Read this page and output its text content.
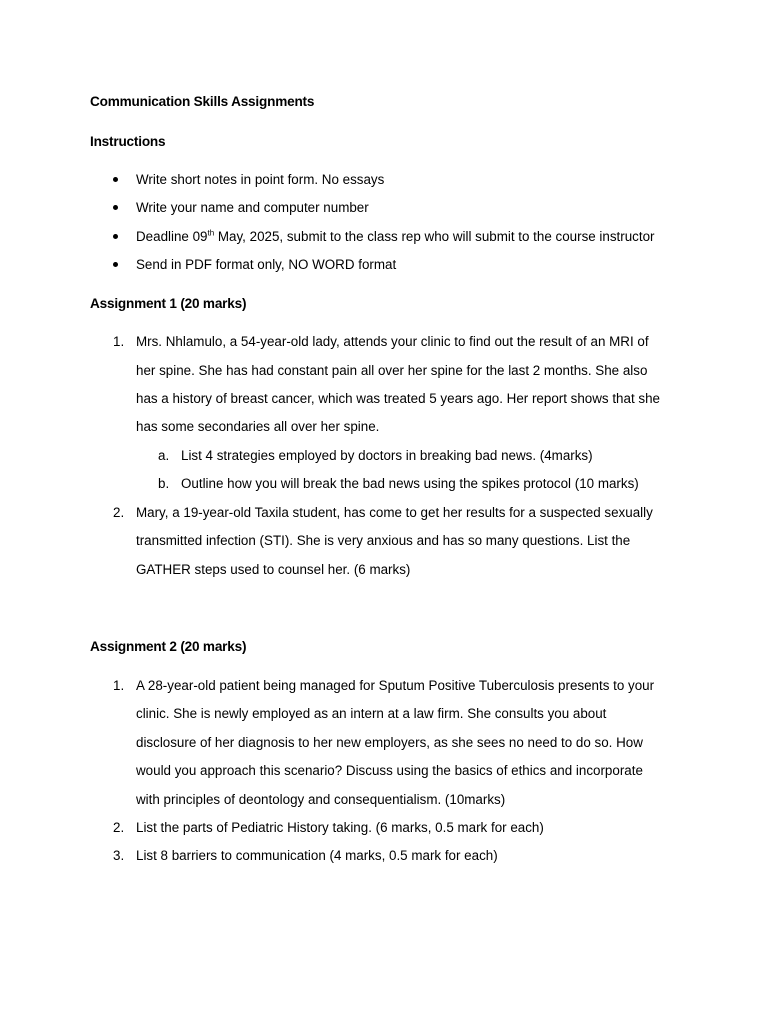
Communication Skills Assignments
Instructions
Write short notes in point form. No essays
Write your name and computer number
Deadline 09th May, 2025, submit to the class rep who will submit to the course instructor
Send in PDF format only, NO WORD format
Assignment 1 (20 marks)
1. Mrs. Nhlamulo, a 54-year-old lady, attends your clinic to find out the result of an MRI of
her spine. She has had constant pain all over her spine for the last 2 months. She also
has a history of breast cancer, which was treated 5 years ago. Her report shows that she
has some secondaries all over her spine.
a. List 4 strategies employed by doctors in breaking bad news. (4marks)
b. Outline how you will break the bad news using the spikes protocol (10 marks)
2. Mary, a 19-year-old Taxila student, has come to get her results for a suspected sexually
transmitted infection (STI). She is very anxious and has so many questions. List the
GATHER steps used to counsel her. (6 marks)
Assignment 2 (20 marks)
1. A 28-year-old patient being managed for Sputum Positive Tuberculosis presents to your
clinic. She is newly employed as an intern at a law firm. She consults you about
disclosure of her diagnosis to her new employers, as she sees no need to do so. How
would you approach this scenario? Discuss using the basics of ethics and incorporate
with principles of deontology and consequentialism. (10marks)
2. List the parts of Pediatric History taking. (6 marks, 0.5 mark for each)
3. List 8 barriers to communication (4 marks, 0.5 mark for each)
